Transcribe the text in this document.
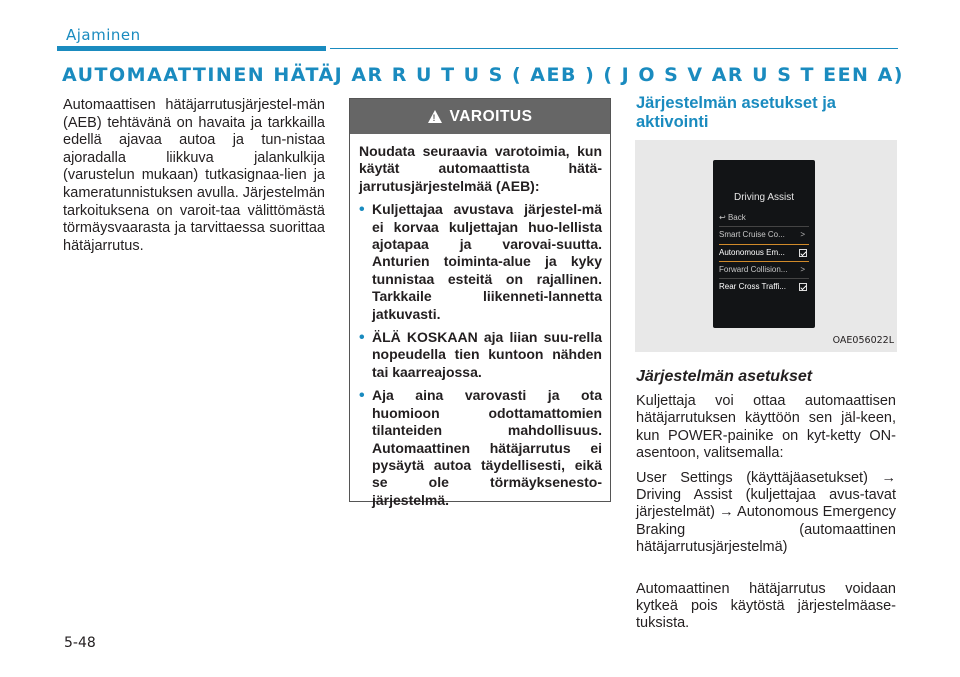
Ajaminen
AUTOMAATTINEN HÄTÄJ AR R U T U S ( AEB ) ( J O S V AR U S T EEN A)

Automaattisen hätäjarrutusjärjestel-män (AEB) tehtävänä on havaita ja tarkkailla edellä ajavaa autoa ja tun-nistaa ajoradalla liikkuva jalankulkija (varustelun mukaan) tutkasignaa-lien ja kameratunnistuksen avulla. Järjestelmän tarkoituksena on varoit-taa välittömästä törmäysvaarasta ja tarvittaessa suorittaa hätäjarrutus.

! VAROITUS

Noudata seuraavia varotoimia, kun käytät automaattista hätä-jarrutusjärjestelmää (AEB):

• Kuljettajaa avustava järjestel-mä ei korvaa kuljettajan huo-lellista ajotapaa ja varovai-suutta. Anturien toiminta-alue ja kyky tunnistaa esteitä on rajallinen. Tarkkaile liikenneti-lannetta jatkuvasti.
• ÄLÄ KOSKAAN aja liian suu-rella nopeudella tien kuntoon nähden tai kaarreajossa.
• Aja aina varovasti ja ota huomioon odottamattomien tilanteiden mahdollisuus. Automaattinen hätäjarrutus ei pysäytä autoa täydellisesti, eikä se ole törmäyksenesto-järjestelmä.
Järjestelmän asetukset ja aktivointi
Driving Assist
↩ Back
Smart Cruise Co... >
Autonomous Em...
Forward Collision... >
Rear Cross Traffi...
OAE056022L
Järjestelmän asetukset

Kuljettaja voi ottaa automaattisen hätäjarrutuksen käyttöön sen jäl-keen, kun POWER-painike on kyt-ketty ON-asentoon, valitsemalla:

User Settings (käyttäjäasetukset) → Driving Assist (kuljettajaa avus-tavat järjestelmät) → Autonomous Emergency Braking (automaattinen hätäjarrutusjärjestelmä)

Automaattinen hätäjarrutus voidaan kytkeä pois käytöstä järjestelmäase-tuksista.

5-48
